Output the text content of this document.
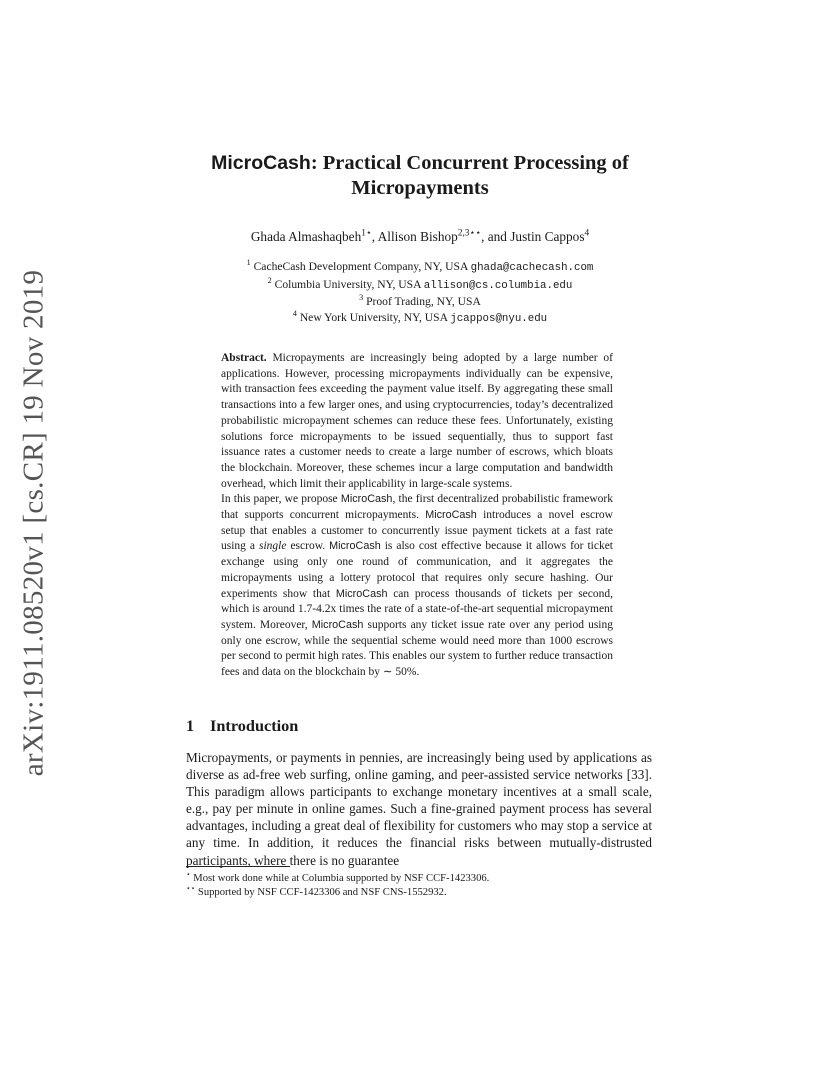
arXiv:1911.08520v1 [cs.CR] 19 Nov 2019
MicroCash: Practical Concurrent Processing of
Micropayments
Ghada Almashaqbeh$^{1⋆}$, Allison Bishop$^{2,3⋆⋆}$, and Justin Cappos$^4$
$^1$ CacheCash Development Company, NY, USA ghada@cachecash.com
$^2$ Columbia University, NY, USA allison@cs.columbia.edu
$^3$ Proof Trading, NY, USA
$^4$ New York University, NY, USA jcappos@nyu.edu

Abstract. Micropayments are increasingly being adopted by a large number of applications. However, processing micropayments individually can be expensive, with transaction fees exceeding the payment value itself. By aggregating these small transactions into a few larger ones, and using cryptocurrencies, today’s decentralized probabilistic micropayment schemes can reduce these fees. Unfortunately, existing solutions force micropayments to be issued sequentially, thus to support fast issuance rates a customer needs to create a large number of escrows, which bloats the blockchain. Moreover, these schemes incur a large computation and bandwidth overhead, which limit their applicability in large-scale systems.

In this paper, we propose MicroCash, the first decentralized probabilistic framework that supports concurrent micropayments. MicroCash introduces a novel escrow setup that enables a customer to concurrently issue payment tickets at a fast rate using a single escrow. MicroCash is also cost effective because it allows for ticket exchange using only one round of communication, and it aggregates the micropayments using a lottery protocol that requires only secure hashing. Our experiments show that MicroCash can process thousands of tickets per second, which is around 1.7-4.2x times the rate of a state-of-the-art sequential micropayment system. Moreover, MicroCash supports any ticket issue rate over any period using only one escrow, while the sequential scheme would need more than 1000 escrows per second to permit high rates. This enables our system to further reduce transaction fees and data on the blockchain by ∼ 50%.

1 Introduction

Micropayments, or payments in pennies, are increasingly being used by applications as diverse as ad-free web surfing, online gaming, and peer-assisted service networks [33]. This paradigm allows participants to exchange monetary incentives at a small scale, e.g., pay per minute in online games. Such a fine-grained payment process has several advantages, including a great deal of flexibility for customers who may stop a service at any time. In addition, it reduces the financial risks between mutually-distrusted participants, where there is no guarantee

⋆ Most work done while at Columbia supported by NSF CCF-1423306.
⋆⋆ Supported by NSF CCF-1423306 and NSF CNS-1552932.
